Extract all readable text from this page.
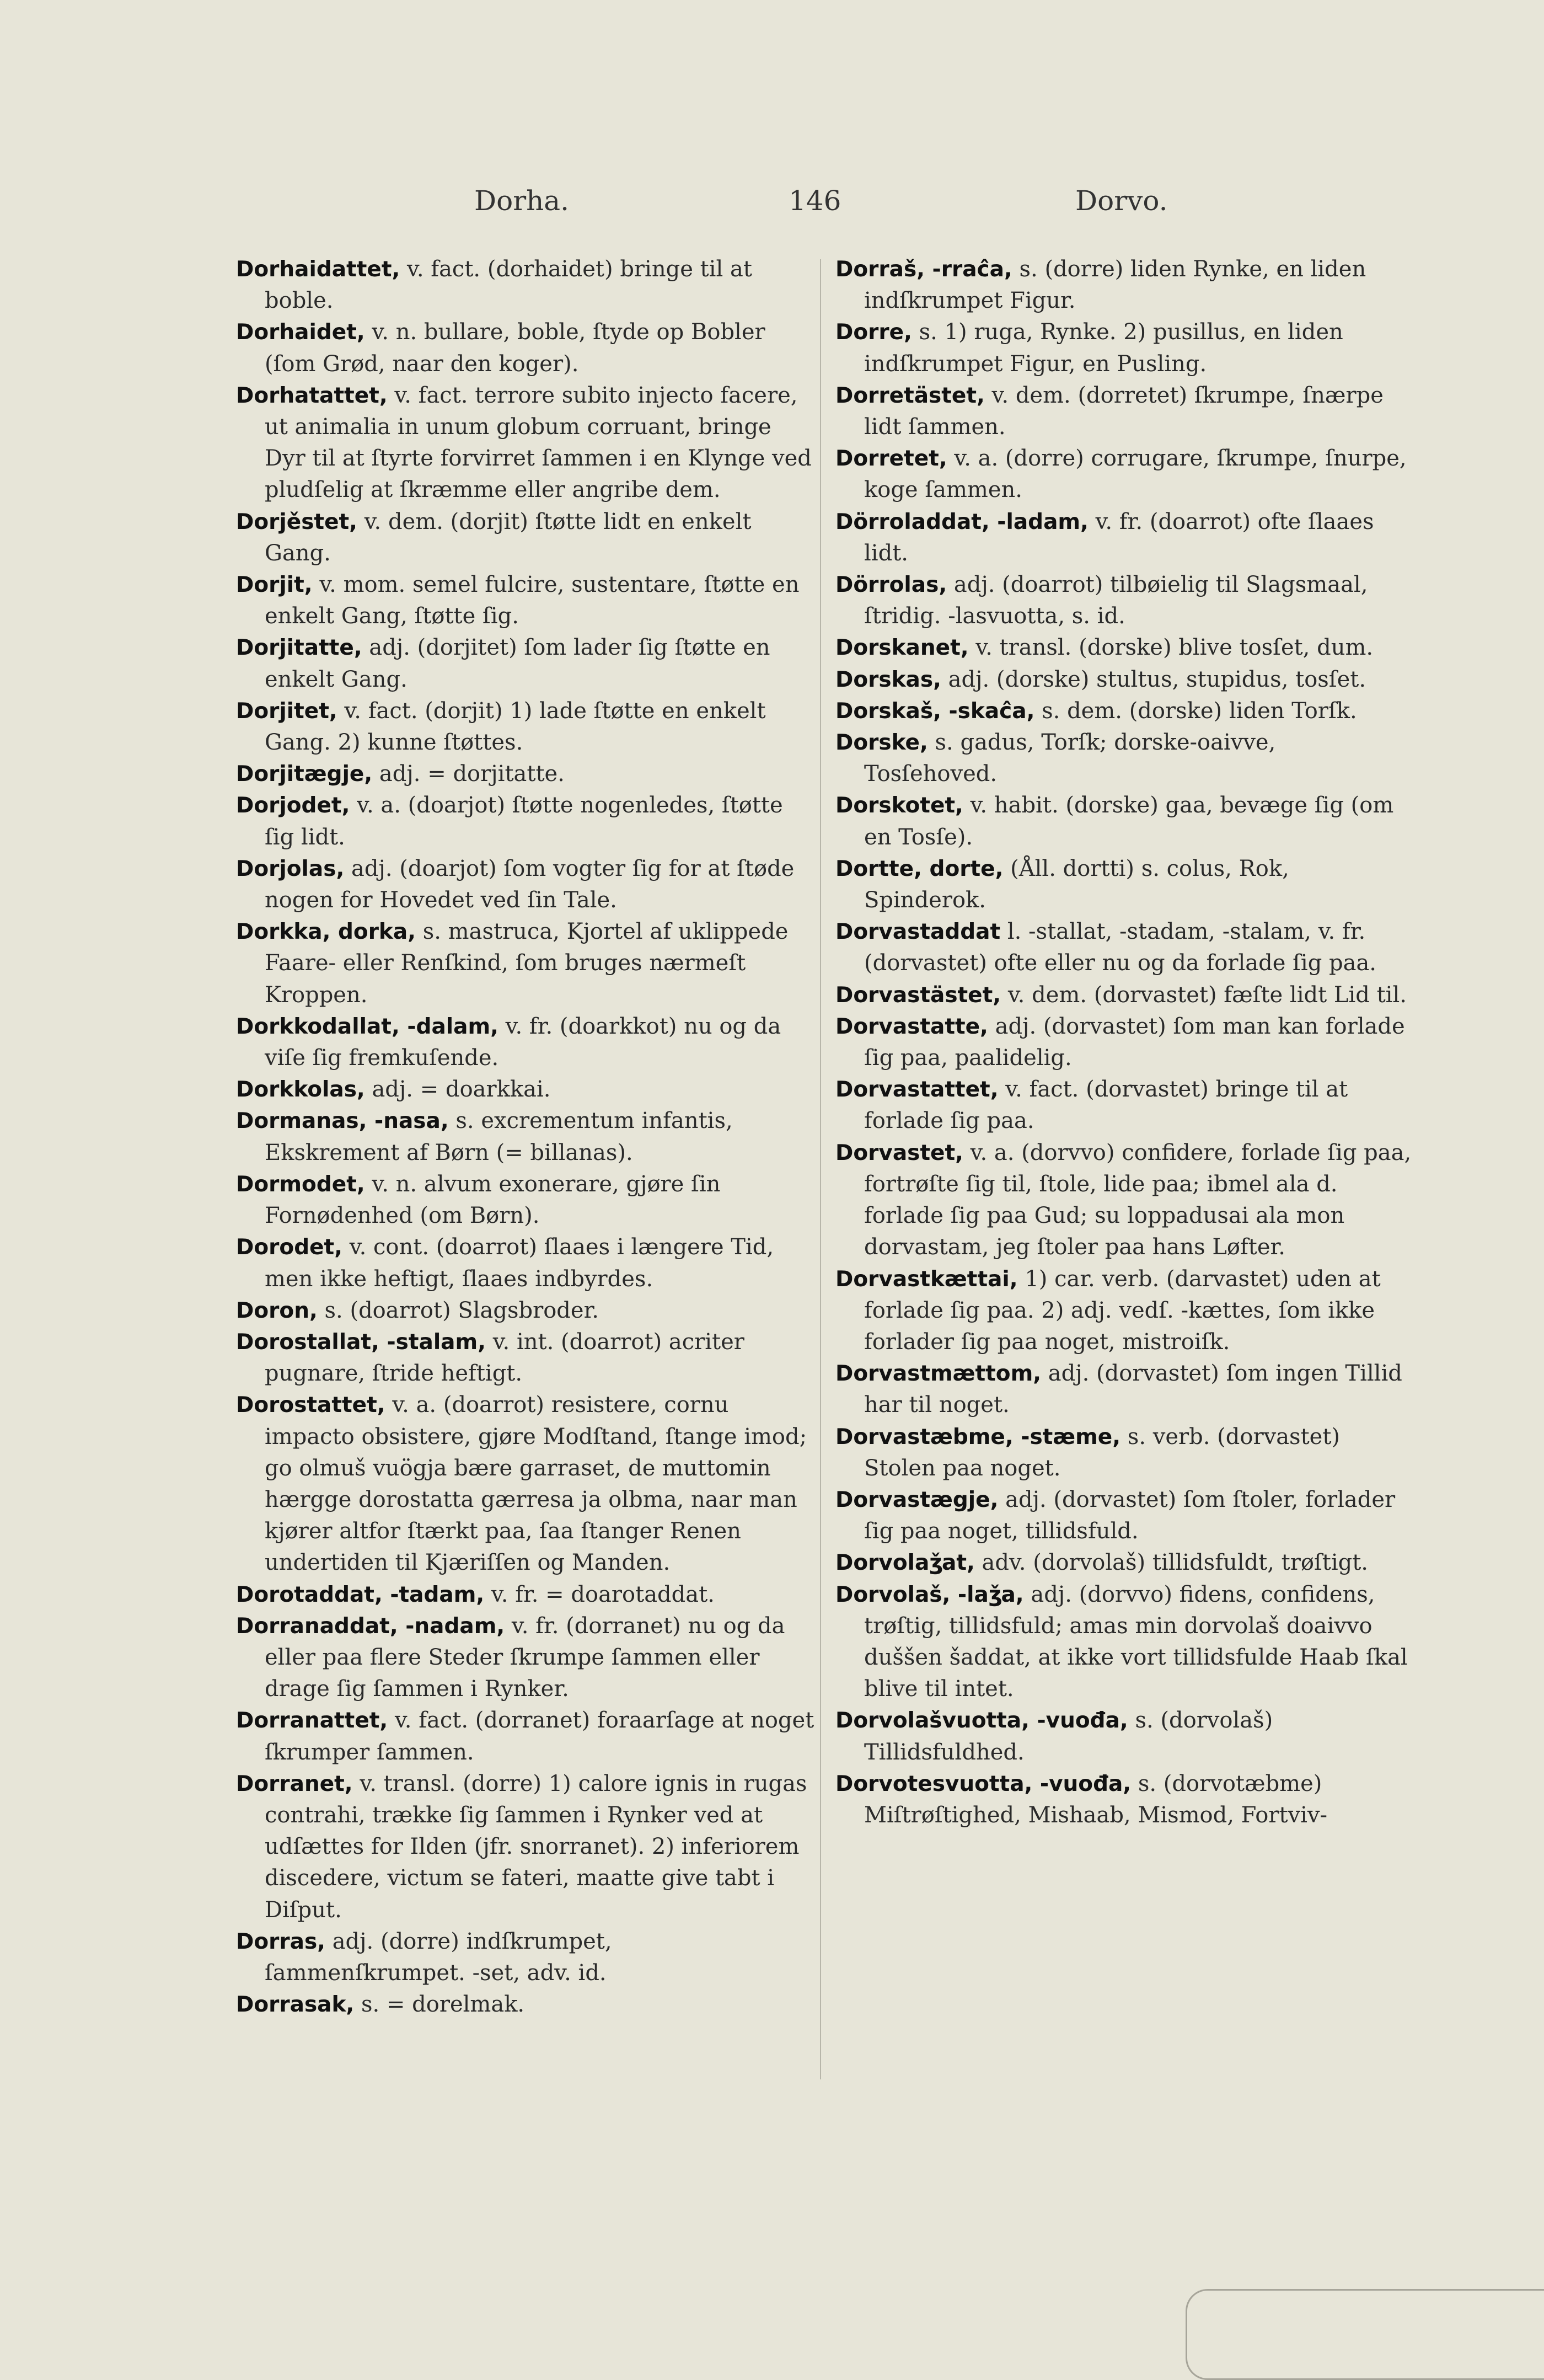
Dorha.	146	Dorvo.

Dorhaidattet, v. fact. (dorhaidet) bringe til at boble.

Dorhaidet, v. n. bullare, boble, ſtyde op Bobler (ſom Grød, naar den koger).

Dorhatattet, v. fact. terrore subito injecto facere, ut animalia in unum globum corruant, bringe Dyr til at ſtyrte forvirret ſammen i en Klynge ved pludſelig at ſkræmme eller angribe dem.

Dorjěstet, v. dem. (dorjit) ſtøtte lidt en enkelt Gang.

Dorjit, v. mom. semel fulcire, sustentare, ſtøtte en enkelt Gang, ſtøtte ſig.

Dorjitatte, adj. (dorjitet) ſom lader ſig ſtøtte en enkelt Gang.

Dorjitet, v. fact. (dorjit) 1) lade ſtøtte en enkelt Gang. 2) kunne ſtøttes.

Dorjitægje, adj. = dorjitatte.

Dorjodet, v. a. (doarjot) ſtøtte nogenledes, ſtøtte ſig lidt.

Dorjolas, adj. (doarjot) ſom vogter ſig for at ſtøde nogen for Hovedet ved ſin Tale.

Dorkka, dorka, s. mastruca, Kjortel af uklippede Faare- eller Renſkind, ſom bruges nærmeſt Kroppen.

Dorkkodallat, -dalam, v. fr. (doarkkot) nu og da viſe ſig fremkuſende.

Dorkkolas, adj. = doarkkai.

Dormanas, -nasa, s. excrementum infantis, Ekskrement af Børn (= billanas).

Dormodet, v. n. alvum exonerare, gjøre ſin Fornødenhed (om Børn).

Dorodet, v. cont. (doarrot) ſlaaes i længere Tid, men ikke heftigt, ſlaaes indbyrdes.

Doron, s. (doarrot) Slagsbroder.

Dorostallat, -stalam, v. int. (doarrot) acriter pugnare, ſtride heftigt.

Dorostattet, v. a. (doarrot) resistere, cornu impacto obsistere, gjøre Modſtand, ſtange imod; go olmuš vuögja bære garraset, de muttomin hærgge dorostatta gærresa ja olbma, naar man kjører altfor ſtærkt paa, ſaa ſtanger Renen undertiden til Kjæriſſen og Manden.

Dorotaddat, -tadam, v. fr. = doarotaddat.

Dorranaddat, -nadam, v. fr. (dorranet) nu og da eller paa flere Steder ſkrumpe ſammen eller drage ſig ſammen i Rynker.

Dorranattet, v. fact. (dorranet) foraarſage at noget ſkrumper ſammen.

Dorranet, v. transl. (dorre) 1) calore ignis in rugas contrahi, trække ſig ſammen i Rynker ved at udſættes for Ilden (jfr. snorranet). 2) inferiorem discedere, victum se fateri, maatte give tabt i Diſput.

Dorras, adj. (dorre) indſkrumpet, ſammenſkrumpet. -set, adv. id.

Dorrasak, s. = dorelmak.

Dorraš, -rraĉa, s. (dorre) liden Rynke, en liden indſkrumpet Figur.

Dorre, s. 1) ruga, Rynke. 2) pusillus, en liden indſkrumpet Figur, en Pusling.

Dorretästet, v. dem. (dorretet) ſkrumpe, ſnærpe lidt ſammen.

Dorretet, v. a. (dorre) corrugare, ſkrumpe, ſnurpe, koge ſammen.

Dörroladdat, -ladam, v. fr. (doarrot) ofte ſlaaes lidt.

Dörrolas, adj. (doarrot) tilbøielig til Slagsmaal, ſtridig. -lasvuotta, s. id.

Dorskanet, v. transl. (dorske) blive tosſet, dum.

Dorskas, adj. (dorske) stultus, stupidus, tosſet.

Dorskaš, -skaĉa, s. dem. (dorske) liden Torſk.

Dorske, s. gadus, Torſk; dorske-oaivve, Tosſehoved.

Dorskotet, v. habit. (dorske) gaa, bevæge ſig (om en Tosſe).

Dortte, dorte, (Åll. dortti) s. colus, Rok, Spinderok.

Dorvastaddat l. -stallat, -stadam, -stalam, v. fr. (dorvastet) ofte eller nu og da forlade ſig paa.

Dorvastästet, v. dem. (dorvastet) fæſte lidt Lid til.

Dorvastatte, adj. (dorvastet) ſom man kan forlade ſig paa, paalidelig.

Dorvastattet, v. fact. (dorvastet) bringe til at forlade ſig paa.

Dorvastet, v. a. (dorvvo) confidere, forlade ſig paa, fortrøſte ſig til, ſtole, lide paa; ibmel ala d. forlade ſig paa Gud; su loppadusai ala mon dorvastam, jeg ſtoler paa hans Løfter.

Dorvastkættai, 1) car. verb. (darvastet) uden at forlade ſig paa. 2) adj. vedſ. -kættes, ſom ikke forlader ſig paa noget, mistroiſk.

Dorvastmættom, adj. (dorvastet) ſom ingen Tillid har til noget.

Dorvastæbme, -stæme, s. verb. (dorvastet) Stolen paa noget.

Dorvastægje, adj. (dorvastet) ſom ſtoler, forlader ſig paa noget, tillidsfuld.

Dorvolaǯat, adv. (dorvolaš) tillidsfuldt, trøſtigt.

Dorvolaš, -laǯa, adj. (dorvvo) fidens, confidens, trøſtig, tillidsfuld; amas min dorvolaš doaivvo duššen šaddat, at ikke vort tillidsfulde Haab ſkal blive til intet.

Dorvolašvuotta, -vuođa, s. (dorvolaš) Tillidsfuldhed.

Dorvotesvuotta, -vuođa, s. (dorvotæbme) Miſtrøſtighed, Mishaab, Mismod, Fortviv-
